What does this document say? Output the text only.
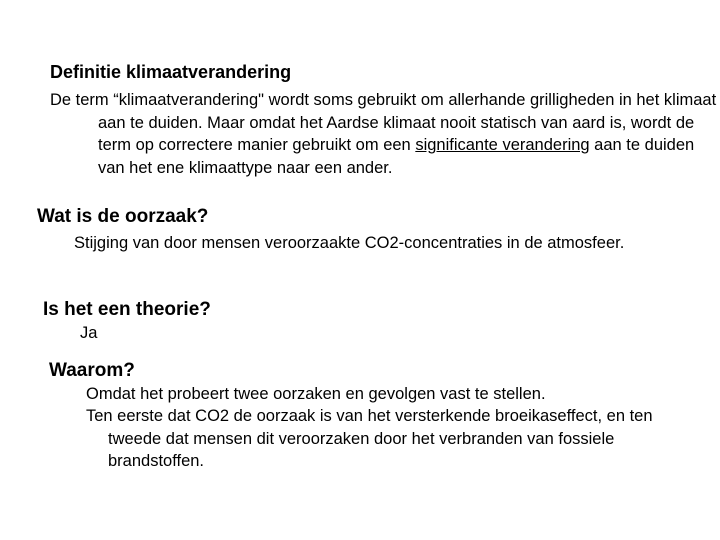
Definitie klimaatverandering

De term “klimaatverandering" wordt soms gebruikt om allerhande grilligheden in het klimaat aan te duiden. Maar omdat het Aardse klimaat nooit statisch van aard is, wordt de term op correctere manier gebruikt om een significante verandering aan te duiden van het ene klimaattype naar een ander.

Wat is de oorzaak?

Stijging van door mensen veroorzaakte CO2-concentraties in de atmosfeer.

Is het een theorie?

Ja

Waarom?

Omdat het probeert twee oorzaken en gevolgen vast te stellen.

Ten eerste dat CO2 de oorzaak is van het versterkende broeikaseffect, en ten tweede dat mensen dit veroorzaken door het verbranden van fossiele brandstoffen.
